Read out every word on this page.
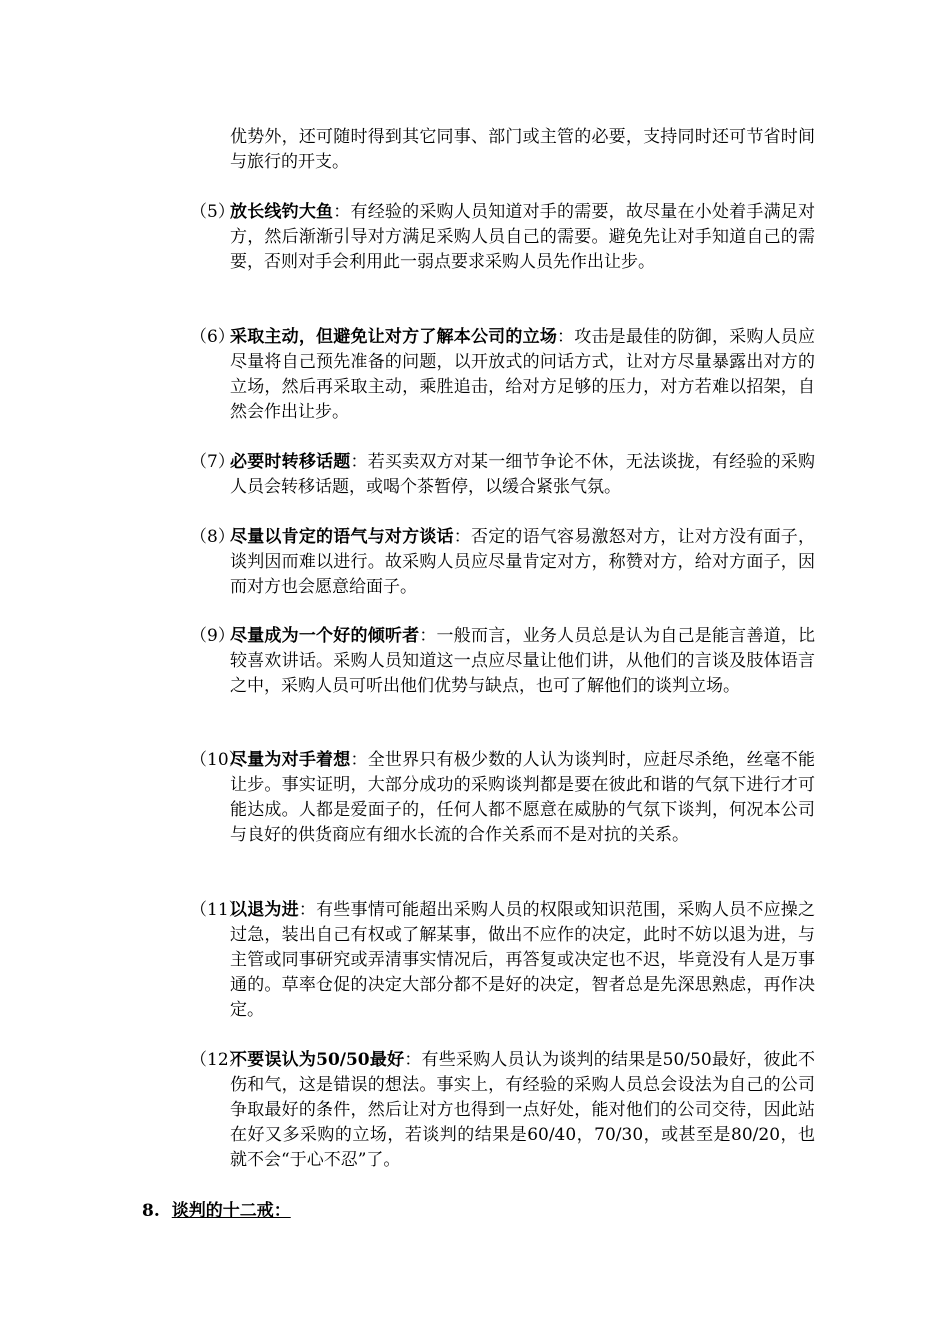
优势外，还可随时得到其它同事、部门或主管的必要，支持同时还可节省时间与旅行的开支。

（5）
放长线钓大鱼：有经验的采购人员知道对手的需要，故尽量在小处着手满足对方，然后渐渐引导对方满足采购人员自己的需要。避免先让对手知道自己的需要，否则对手会利用此一弱点要求采购人员先作出让步。
（6）
采取主动，但避免让对方了解本公司的立场：攻击是最佳的防御，采购人员应尽量将自己预先准备的问题，以开放式的问话方式，让对方尽量暴露出对方的立场，然后再采取主动，乘胜追击，给对方足够的压力，对方若难以招架，自然会作出让步。
（7）
必要时转移话题：若买卖双方对某一细节争论不休，无法谈拢，有经验的采购人员会转移话题，或喝个茶暂停，以缓合紧张气氛。
（8）
尽量以肯定的语气与对方谈话：否定的语气容易激怒对方，让对方没有面子，谈判因而难以进行。故采购人员应尽量肯定对方，称赞对方，给对方面子，因而对方也会愿意给面子。
（9）
尽量成为一个好的倾听者：一般而言，业务人员总是认为自己是能言善道，比较喜欢讲话。采购人员知道这一点应尽量让他们讲，从他们的言谈及肢体语言之中，采购人员可听出他们优势与缺点，也可了解他们的谈判立场。
（10）
尽量为对手着想：全世界只有极少数的人认为谈判时，应赶尽杀绝，丝毫不能让步。事实证明，大部分成功的采购谈判都是要在彼此和谐的气氛下进行才可能达成。人都是爱面子的，任何人都不愿意在威胁的气氛下谈判，何况本公司与良好的供货商应有细水长流的合作关系而不是对抗的关系。
（11）
以退为进：有些事情可能超出采购人员的权限或知识范围，采购人员不应操之过急，装出自己有权或了解某事，做出不应作的决定，此时不妨以退为进，与主管或同事研究或弄清事实情况后，再答复或决定也不迟，毕竟没有人是万事通的。草率仓促的决定大部分都不是好的决定，智者总是先深思熟虑，再作决定。
（12）
不要误认为50/50最好：有些采购人员认为谈判的结果是50/50最好，彼此不伤和气，这是错误的想法。事实上，有经验的采购人员总会设法为自己的公司争取最好的条件，然后让对方也得到一点好处，能对他们的公司交待，因此站在好又多采购的立场，若谈判的结果是60/40，70/30，或甚至是80/20，也就不会“于心不忍”了。
8. 谈判的十二戒：
